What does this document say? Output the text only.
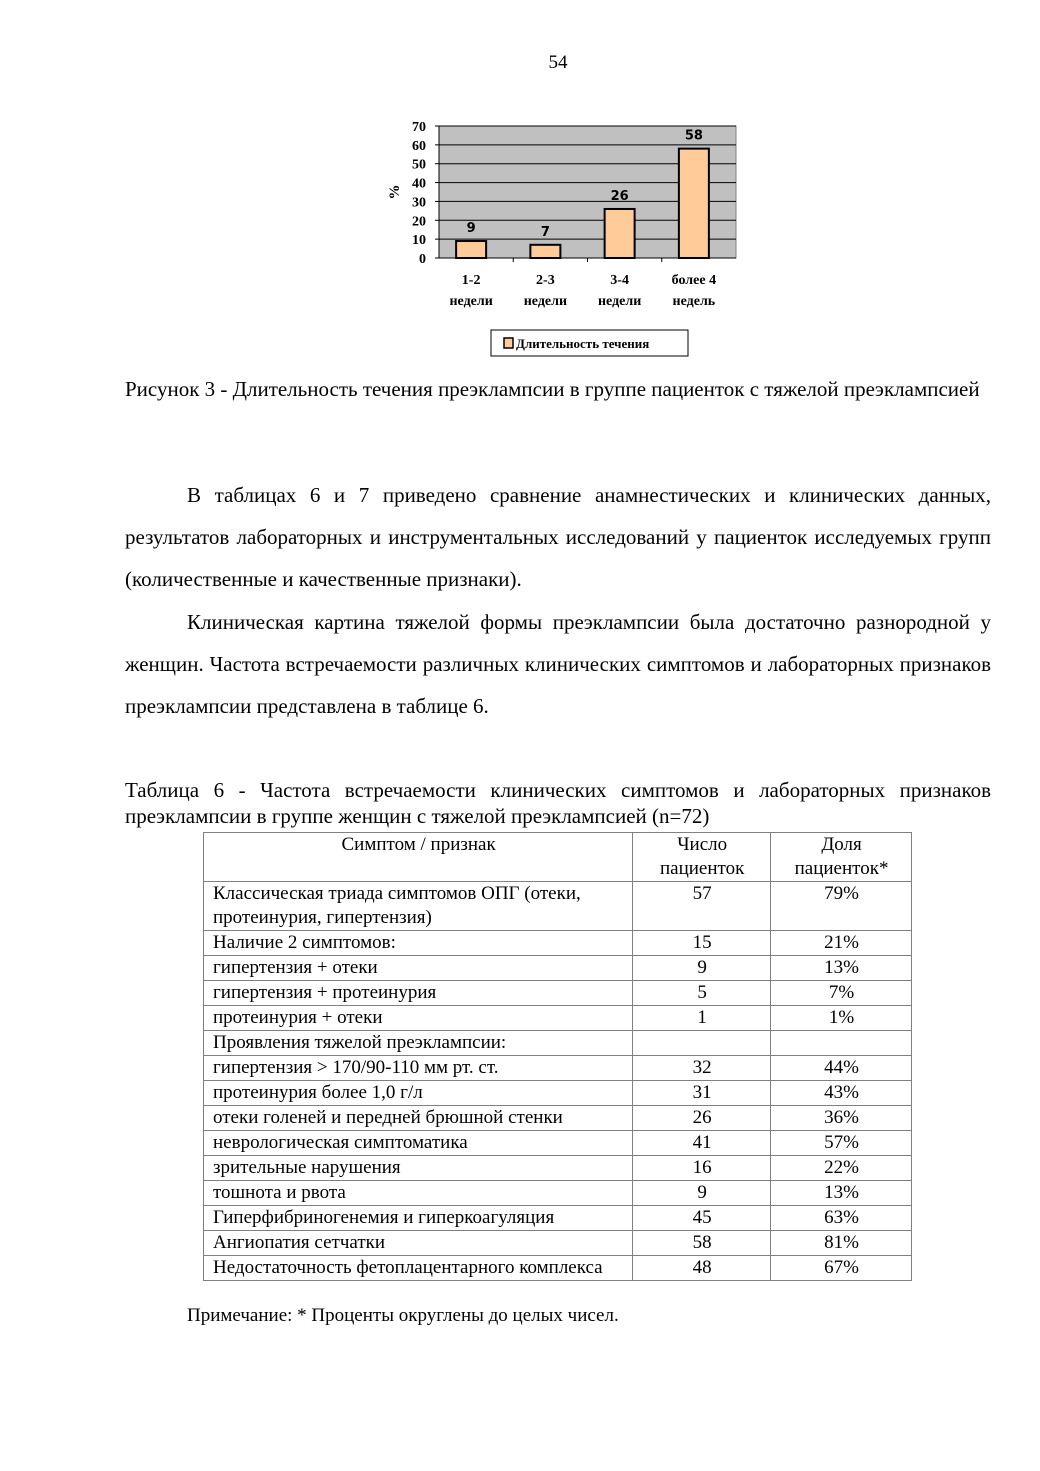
54
0
10
20
30
40
50
60
70
%
9
1-2
недели
7
2-3
недели
26
3-4
недели
58
более 4
недель
Длительность течения
Рисунок 3 - Длительность течения преэклампсии в группе пациенток с тяжелой преэклампсией
В таблицах 6 и 7 приведено сравнение анамнестических и клинических данных, результатов лабораторных и инструментальных исследований у пациенток исследуемых групп (количественные и качественные признаки).
Клиническая картина тяжелой формы преэклампсии была достаточно разнородной у женщин. Частота встречаемости различных клинических симптомов и лабораторных признаков преэклампсии представлена в таблице 6.
Таблица 6 - Частота встречаемости клинических симптомов и лабораторных признаков преэклампсии в группе женщин с тяжелой преэклампсией (n=72)
Симптом / признак	Число пациенток	Доля пациенток*
Классическая триада симптомов ОПГ (отеки, протеинурия, гипертензия)	57	79%
Наличие 2 симптомов:	15	21%
гипертензия + отеки	9	13%
гипертензия + протеинурия	5	7%
протеинурия + отеки	1	1%
Проявления тяжелой преэклампсии:		
гипертензия > 170/90-110 мм рт. ст.	32	44%
протеинурия более 1,0 г/л	31	43%
отеки голеней и передней брюшной стенки	26	36%
неврологическая симптоматика	41	57%
зрительные нарушения	16	22%
тошнота и рвота	9	13%
Гиперфибриногенемия и гиперкоагуляция	45	63%
Ангиопатия сетчатки	58	81%
Недостаточность фетоплацентарного комплекса	48	67%
Примечание: * Проценты округлены до целых чисел.
